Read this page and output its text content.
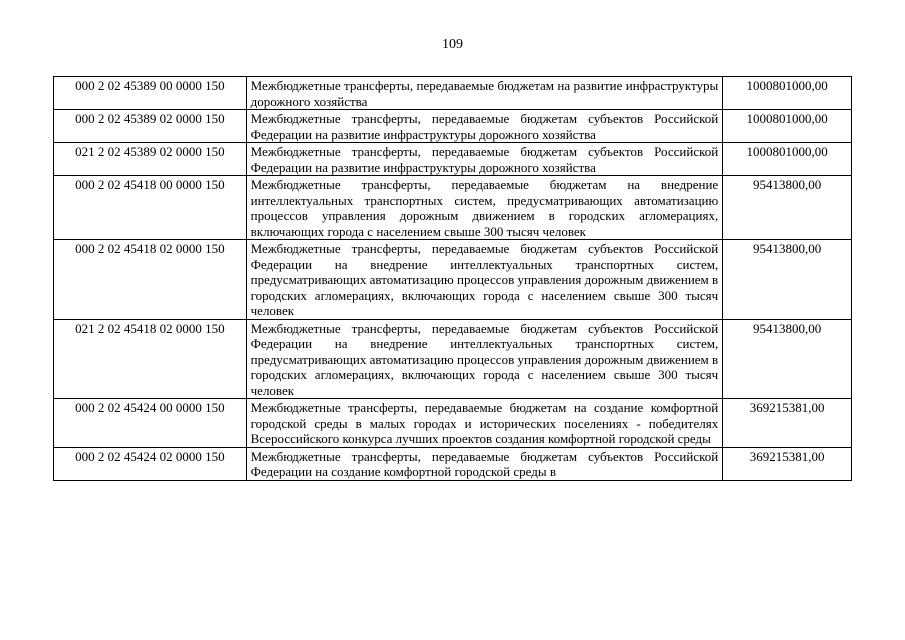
109
000 2 02 45389 00 0000 150	Межбюджетные трансферты, передаваемые бюджетам на развитие инфраструктуры дорожного хозяйства	1000801000,00
000 2 02 45389 02 0000 150	Межбюджетные трансферты, передаваемые бюджетам субъектов Российской Федерации на развитие инфраструктуры дорожного хозяйства	1000801000,00
021 2 02 45389 02 0000 150	Межбюджетные трансферты, передаваемые бюджетам субъектов Российской Федерации на развитие инфраструктуры дорожного хозяйства	1000801000,00
000 2 02 45418 00 0000 150	Межбюджетные трансферты, передаваемые бюджетам на внедрение интеллектуальных транспортных систем, предусматривающих автоматизацию процессов управления дорожным движением в городских агломерациях, включающих города с населением свыше 300 тысяч человек	95413800,00
000 2 02 45418 02 0000 150	Межбюджетные трансферты, передаваемые бюджетам субъектов Российской Федерации на внедрение интеллектуальных транспортных систем, предусматривающих автоматизацию процессов управления дорожным движением в городских агломерациях, включающих города с населением свыше 300 тысяч человек	95413800,00
021 2 02 45418 02 0000 150	Межбюджетные трансферты, передаваемые бюджетам субъектов Российской Федерации на внедрение интеллектуальных транспортных систем, предусматривающих автоматизацию процессов управления дорожным движением в городских агломерациях, включающих города с населением свыше 300 тысяч человек	95413800,00
000 2 02 45424 00 0000 150	Межбюджетные трансферты, передаваемые бюджетам на создание комфортной городской среды в малых городах и исторических поселениях - победителях Всероссийского конкурса лучших проектов создания комфортной городской среды	369215381,00
000 2 02 45424 02 0000 150	Межбюджетные трансферты, передаваемые бюджетам субъектов Российской Федерации на создание комфортной городской среды в	369215381,00
